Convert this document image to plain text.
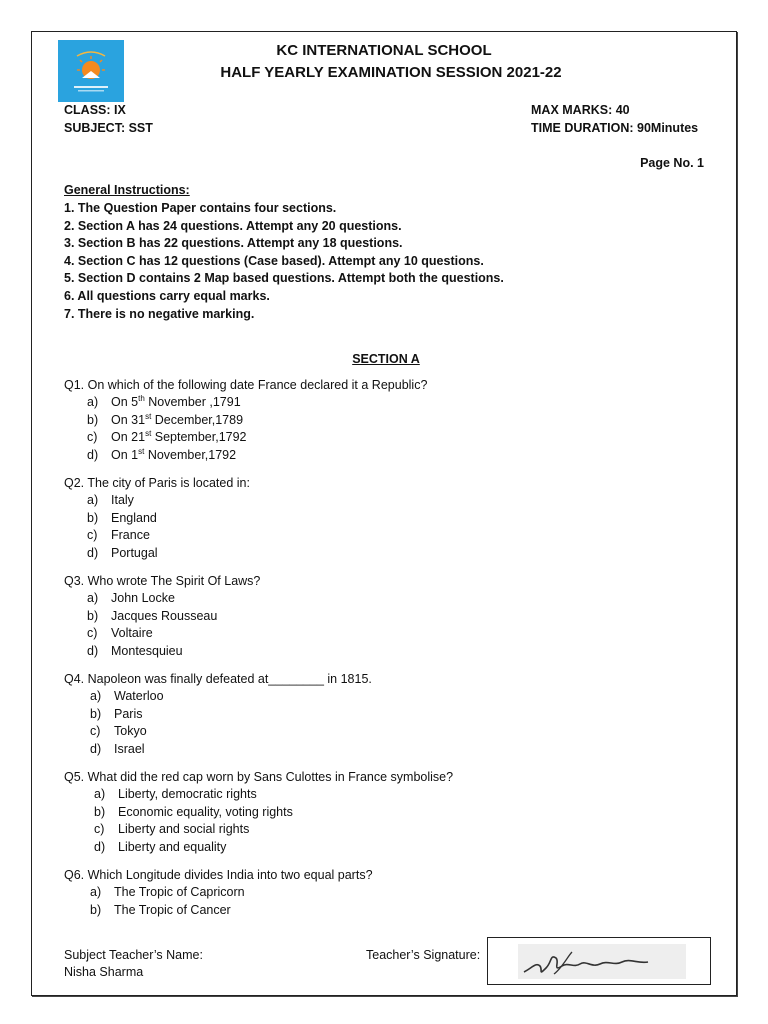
KC INTERNATIONAL SCHOOL
HALF YEARLY EXAMINATION SESSION 2021-22
CLASS: IX
SUBJECT: SST
MAX MARKS: 40
TIME DURATION: 90Minutes
Page No. 1
General Instructions:
1. The Question Paper contains four sections.
2. Section A has 24 questions. Attempt any 20 questions.
3. Section B has 22 questions. Attempt any 18 questions.
4. Section C has 12 questions (Case based). Attempt any 10 questions.
5. Section D contains 2 Map based questions. Attempt both the questions.
6. All questions carry equal marks.
7. There is no negative marking.
SECTION A
Q1. On which of the following date France declared it a Republic?
a)	On 5th November ,1791
b)	On 31st December,1789
c)	On 21st September,1792
d)	On 1st November,1792
Q2. The city of Paris is located in:
a)	Italy
b)	England
c)	France
d)	Portugal
Q3. Who wrote The Spirit Of Laws?
a)	John Locke
b)	Jacques Rousseau
c)	Voltaire
d)	Montesquieu
Q4. Napoleon was finally defeated at________ in 1815.
a)	Waterloo
b)	Paris
c)	Tokyo
d)	Israel
Q5. What did the red cap worn by Sans Culottes in France symbolise?
a)	Liberty, democratic rights
b)	Economic equality, voting rights
c)	Liberty and social rights
d)	Liberty and equality
Q6. Which Longitude divides India into two equal parts?
a)	The Tropic of Capricorn
b)	The Tropic of Cancer
Subject Teacher’s Name:
Nisha Sharma
Teacher’s Signature:
